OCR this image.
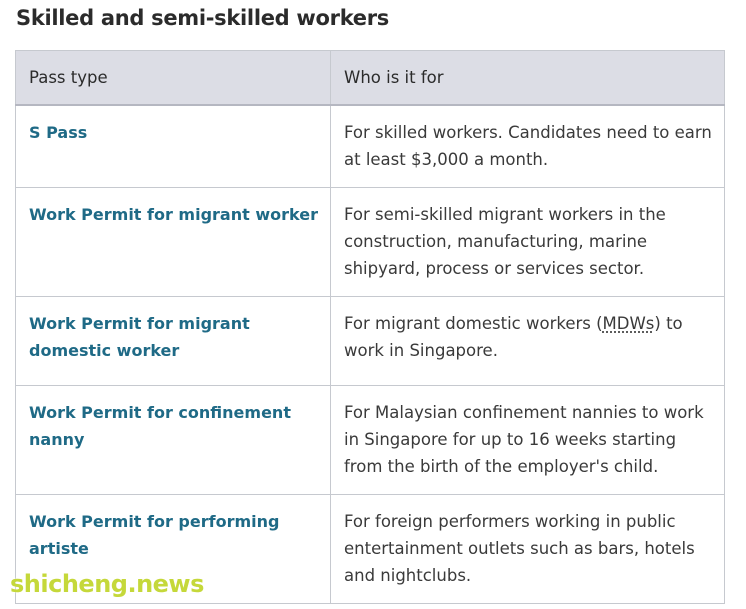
Skilled and semi-skilled workers
Pass type	Who is it for
S Pass	For skilled workers. Candidates need to earn at least $3,000 a month.
Work Permit for migrant worker	For semi-skilled migrant workers in the construction, manufacturing, marine shipyard, process or services sector.
Work Permit for migrant domestic worker	For migrant domestic workers (MDWs) to work in Singapore.
Work Permit for confinement nanny	For Malaysian confinement nannies to work in Singapore for up to 16 weeks starting from the birth of the employer's child.
Work Permit for performing artiste	For foreign performers working in public entertainment outlets such as bars, hotels and nightclubs.
shicheng.news
